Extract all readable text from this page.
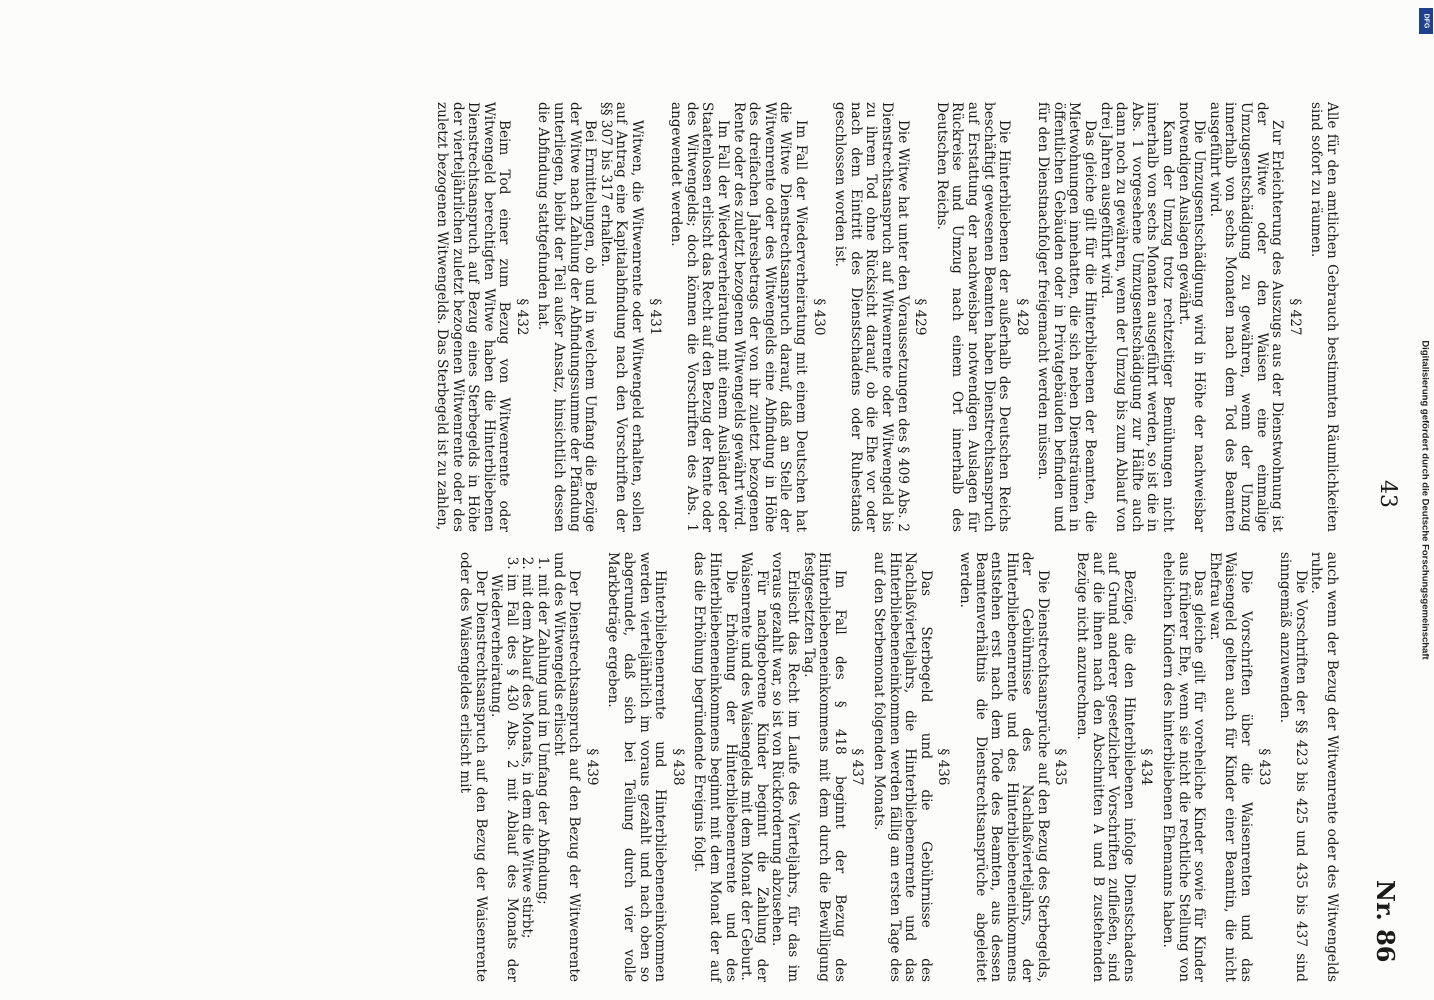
43
Nr. 86

Alle für den amtlichen Gebrauch bestimmten Räumlichkeiten sind sofort zu räumen.

§ 427

Zur Erleichterung des Auszugs aus der Dienstwohnung ist der Witwe oder den Waisen eine einmalige Umzugsentschädigung zu gewähren, wenn der Umzug innerhalb von sechs Monaten nach dem Tod des Beamten ausgeführt wird.

Die Umzugsentschädigung wird in Höhe der nachweisbar notwendigen Auslagen gewährt.

Kann der Umzug trotz rechtzeitiger Bemühungen nicht innerhalb von sechs Monaten ausgeführt werden, so ist die in Abs. 1 vorgesehene Umzugsentschädigung zur Hälfte auch dann noch zu gewähren, wenn der Umzug bis zum Ablauf von drei Jahren ausgeführt wird.

Das gleiche gilt für die Hinterbliebenen der Beamten, die Mietwohnungen innehatten, die sich neben Diensträumen in öffentlichen Gebäuden oder in Privatgebäuden befinden und für den Dienstnachfolger freigemacht werden müssen.

§ 428

Die Hinterbliebenen der außerhalb des Deutschen Reichs beschäftigt gewesenen Beamten haben Dienstrechtsanspruch auf Erstattung der nachweisbar notwendigen Auslagen für Rückreise und Umzug nach einem Ort innerhalb des Deutschen Reichs.

§ 429

Die Witwe hat unter den Voraussetzungen des § 409 Abs. 2 Dienstrechtsanspruch auf Witwenrente oder Witwengeld bis zu ihrem Tod ohne Rücksicht darauf, ob die Ehe vor oder nach dem Eintritt des Dienstschadens oder Ruhestands geschlossen worden ist.

§ 430

Im Fall der Wiederverheiratung mit einem Deutschen hat die Witwe Dienstrechtsanspruch darauf, daß an Stelle der Witwenrente oder des Witwengelds eine Abfindung in Höhe des dreifachen Jahresbetrags der von ihr zuletzt bezogenen Rente oder des zuletzt bezogenen Witwengelds gewährt wird.

Im Fall der Wiederverheiratung mit einem Ausländer oder Staatenlosen erlischt das Recht auf den Bezug der Rente oder des Witwengelds; doch können die Vorschriften des Abs. 1 angewendet werden.

§ 431

Witwen, die Witwenrente oder Witwengeld erhalten, sollen auf Antrag eine Kapitalabfindung nach den Vorschriften der §§ 307 bis 317 erhalten.

Bei Ermittelungen, ob und in welchem Umfang die Bezüge der Witwe nach Zahlung der Abfindungssumme der Pfändung unterliegen, bleibt der Teil außer Ansatz, hinsichtlich dessen die Abfindung stattgefunden hat.

§ 432

Beim Tod einer zum Bezug von Witwenrente oder Witwengeld berechtigten Witwe haben die Hinterbliebenen Dienstrechtsanspruch auf Bezug eines Sterbegelds in Höhe der vierteljährlichen zuletzt bezogenen Witwenrente oder des zuletzt bezogenen Witwengelds. Das Sterbegeld ist zu zahlen,

auch wenn der Bezug der Witwenrente oder des Witwengelds ruhte.

Die Vorschriften der §§ 423 bis 425 und 435 bis 437 sind sinngemäß anzuwenden.

§ 433

Die Vorschriften über die Waisenrenten und das Waisengeld gelten auch für Kinder einer Beamtin, die nicht Ehefrau war.

Das gleiche gilt für voreheliche Kinder sowie für Kinder aus früherer Ehe, wenn sie nicht die rechtliche Stellung von ehelichen Kindern des hinterbliebenen Ehemanns haben.

§ 434

Bezüge, die den Hinterbliebenen infolge Dienstschadens auf Grund anderer gesetzlicher Vorschriften zufließen, sind auf die ihnen nach den Abschnitten A und B zustehenden Bezüge nicht anzurechnen.

§ 435

Die Dienstrechtsansprüche auf den Bezug des Sterbegelds, der Gebührnisse des Nachlaßvierteljahrs, der Hinterbliebenenrente und des Hinterbliebeneneinkommens entstehen erst nach dem Tode des Beamten, aus dessen Beamtenverhältnis die Dienstrechtsansprüche abgeleitet werden.

§ 436

Das Sterbegeld und die Gebührnisse des Nachlaßvierteljahrs, die Hinterbliebenenrente und das Hinterbliebeneneinkommen werden fällig am ersten Tage des auf den Sterbemonat folgenden Monats.

§ 437

Im Fall des § 418 beginnt der Bezug des Hinterbliebeneneinkommens mit dem durch die Bewilligung festgesetzten Tag.

Erlischt das Recht im Laufe des Vierteljahrs, für das im voraus gezahlt war, so ist von Rückforderung abzusehen.

Für nachgeborene Kinder beginnt die Zahlung der Waisenrente und des Waisengelds mit dem Monat der Geburt.

Die Erhöhung der Hinterbliebenenrente und des Hinterbliebeneneinkommens beginnt mit dem Monat der auf das die Erhöhung begründende Ereignis folgt.

§ 438

Hinterbliebenenrente und Hinterbliebeneneinkommen werden vierteljährlich im voraus gezahlt und nach oben so abgerundet, daß sich bei Teilung durch vier volle Markbeträge ergeben.

§ 439

Der Dienstrechtsanspruch auf den Bezug der Witwenrente und des Witwengelds erlischt

1. mit der Zahlung und im Umfang der Abfindung;
2. mit dem Ablauf des Monats, in dem die Witwe stirbt;
3. im Fall des § 430 Abs. 2 mit Ablauf des Monats der Wiederverheiratung.

Der Dienstrechtsanspruch auf den Bezug der Waisenrente oder des Waisengeldes erlischt mit

Digitalisierung gefördert durch die Deutsche Forschungsgemeinschaft
DFG
